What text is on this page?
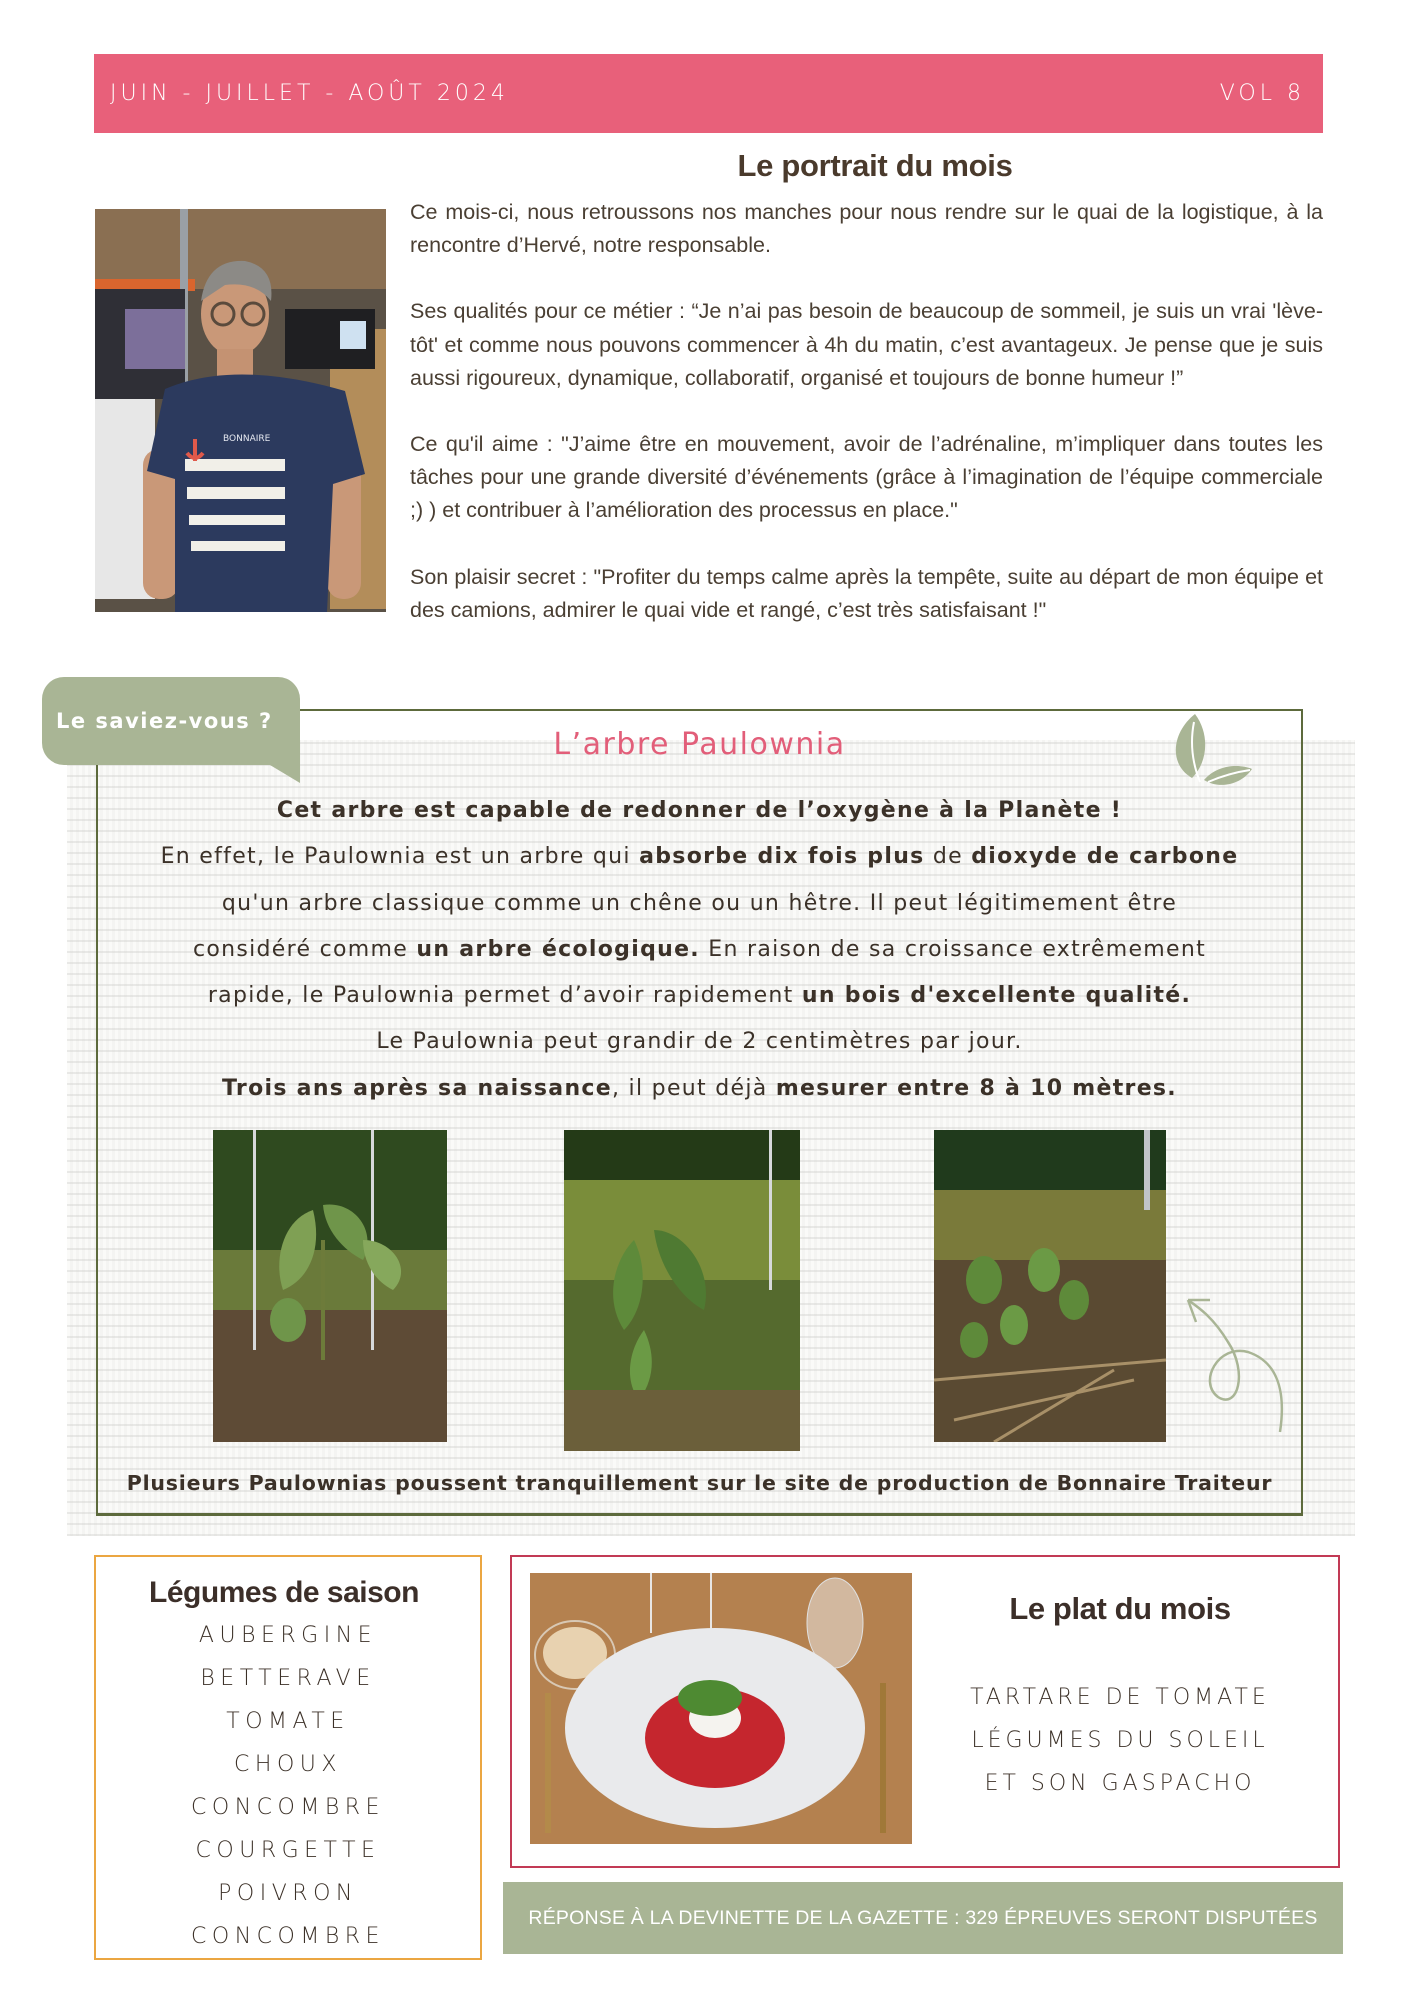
JUIN - JUILLET - AOÛT 2024	VOL 8
Le portrait du mois
BONNAIRE

Ce mois-ci, nous retroussons nos manches pour nous rendre sur le quai de la logistique, à la rencontre d’Hervé, notre responsable.

Ses qualités pour ce métier : “Je n’ai pas besoin de beaucoup de sommeil, je suis un vrai 'lève-tôt' et comme nous pouvons commencer à 4h du matin, c’est avantageux. Je pense que je suis aussi rigoureux, dynamique, collaboratif, organisé et toujours de bonne humeur !”

Ce qu'il aime : "J’aime être en mouvement, avoir de l’adrénaline, m’impliquer dans toutes les tâches pour une grande diversité d’événements (grâce à l’imagination de l’équipe commerciale ;) ) et contribuer à l’amélioration des processus en place."

Son plaisir secret : "Profiter du temps calme après la tempête, suite au départ de mon équipe et des camions, admirer le quai vide et rangé, c’est très satisfaisant !"

Le saviez-vous ?
L’arbre Paulownia
Cet arbre est capable de redonner de l’oxygène à la Planète !
En effet, le Paulownia est un arbre qui absorbe dix fois plus de dioxyde de carbone
qu'un arbre classique comme un chêne ou un hêtre. Il peut légitimement être
considéré comme un arbre écologique. En raison de sa croissance extrêmement
rapide, le Paulownia permet d’avoir rapidement un bois d'excellente qualité.
Le Paulownia peut grandir de 2 centimètres par jour.
Trois ans après sa naissance, il peut déjà mesurer entre 8 à 10 mètres.
Plusieurs Paulownias poussent tranquillement sur le site de production de Bonnaire Traiteur
Légumes de saison
AUBERGINE
BETTERAVE
TOMATE
CHOUX
CONCOMBRE
COURGETTE
POIVRON
CONCOMBRE
Le plat du mois
TARTARE DE TOMATE
LÉGUMES DU SOLEIL
ET SON GASPACHO
RÉPONSE À LA DEVINETTE DE LA GAZETTE : 329 ÉPREUVES SERONT DISPUTÉES
